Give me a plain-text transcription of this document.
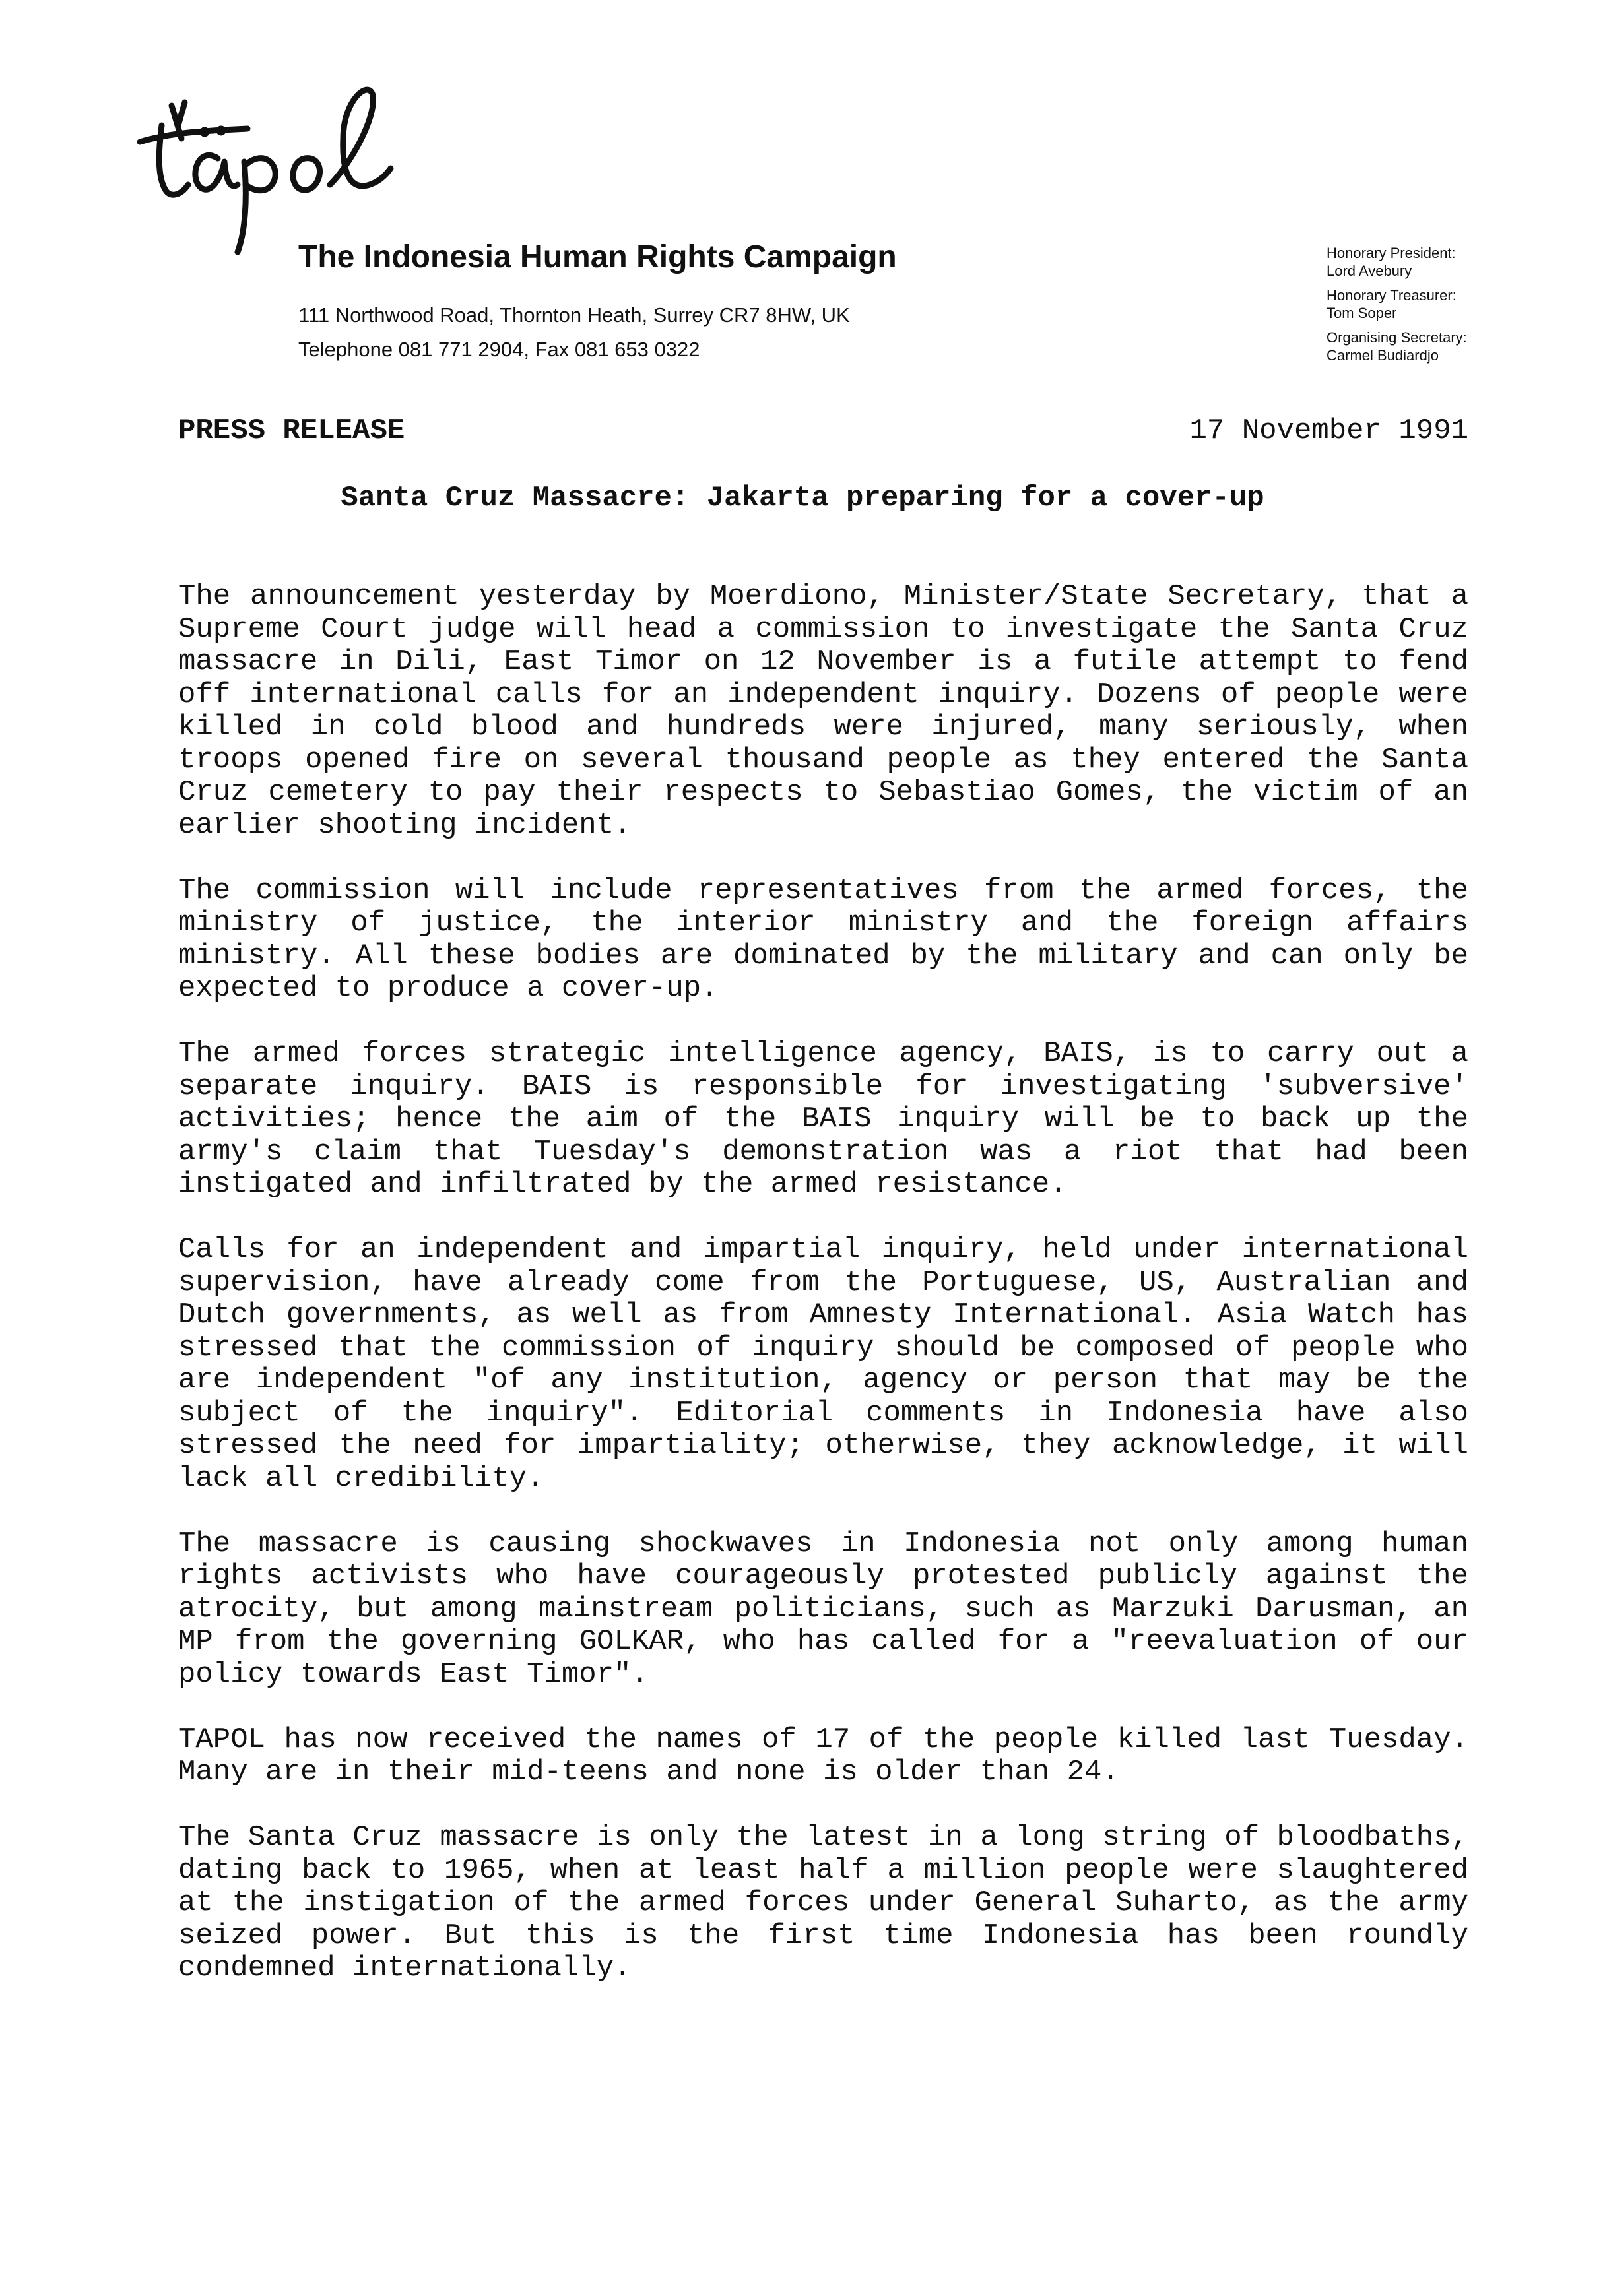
tapol
The Indonesia Human Rights Campaign
111 Northwood Road, Thornton Heath, Surrey CR7 8HW, UK
Telephone 081 771 2904, Fax 081 653 0322
Honorary President:
Lord Avebury
Honorary Treasurer:
Tom Soper
Organising Secretary:
Carmel Budiardjo
PRESS RELEASE	17 November 1991
Santa Cruz Massacre: Jakarta preparing for a cover-up

The announcement yesterday by Moerdiono, Minister/State Secretary, that a Supreme Court judge will head a commission to investigate the Santa Cruz massacre in Dili, East Timor on 12 November is a futile attempt to fend off international calls for an independent inquiry. Dozens of people were killed in cold blood and hundreds were injured, many seriously, when troops opened fire on several thousand people as they entered the Santa Cruz cemetery to pay their respects to Sebastiao Gomes, the victim of an earlier shooting incident.

The commission will include representatives from the armed forces, the ministry of justice, the interior ministry and the foreign affairs ministry. All these bodies are dominated by the military and can only be expected to produce a cover-up.

The armed forces strategic intelligence agency, BAIS, is to carry out a separate inquiry. BAIS is responsible for investigating 'subversive' activities; hence the aim of the BAIS inquiry will be to back up the army's claim that Tuesday's demonstration was a riot that had been instigated and infiltrated by the armed resistance.

Calls for an independent and impartial inquiry, held under international supervision, have already come from the Portuguese, US, Australian and Dutch governments, as well as from Amnesty International. Asia Watch has stressed that the commission of inquiry should be composed of people who are independent "of any institution, agency or person that may be the subject of the inquiry". Editorial comments in Indonesia have also stressed the need for impartiality; otherwise, they acknowledge, it will lack all credibility.

The massacre is causing shockwaves in Indonesia not only among human rights activists who have courageously protested publicly against the atrocity, but among mainstream politicians, such as Marzuki Darusman, an MP from the governing GOLKAR, who has called for a "reevaluation of our policy towards East Timor".

TAPOL has now received the names of 17 of the people killed last Tuesday. Many are in their mid-teens and none is older than 24.

The Santa Cruz massacre is only the latest in a long string of bloodbaths, dating back to 1965, when at least half a million people were slaughtered at the instigation of the armed forces under General Suharto, as the army seized power. But this is the first time Indonesia has been roundly condemned internationally.
